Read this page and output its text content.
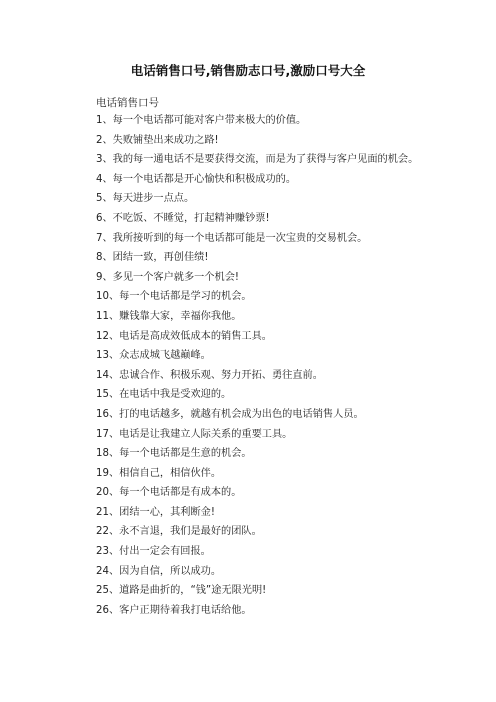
电话销售口号,销售励志口号,激励口号大全
电话销售口号
1、每一个电话都可能对客户带来极大的价值。
2、失败铺垫出来成功之路!
3、我的每一通电话不是要获得交流，而是为了获得与客户见面的机会。
4、每一个电话都是开心愉快和积极成功的。
5、每天进步一点点。
6、不吃饭、不睡觉，打起精神赚钞票!
7、我所接听到的每一个电话都可能是一次宝贵的交易机会。
8、团结一致，再创佳绩!
9、多见一个客户就多一个机会!
10、每一个电话都是学习的机会。
11、赚钱靠大家，幸福你我他。
12、电话是高成效低成本的销售工具。
13、众志成城飞越巅峰。
14、忠诚合作、积极乐观、努力开拓、勇往直前。
15、在电话中我是受欢迎的。
16、打的电话越多，就越有机会成为出色的电话销售人员。
17、电话是让我建立人际关系的重要工具。
18、每一个电话都是生意的机会。
19、相信自己，相信伙伴。
20、每一个电话都是有成本的。
21、团结一心，其利断金!
22、永不言退，我们是最好的团队。
23、付出一定会有回报。
24、因为自信，所以成功。
25、道路是曲折的，“钱”途无限光明!
26、客户正期待着我打电话给他。
